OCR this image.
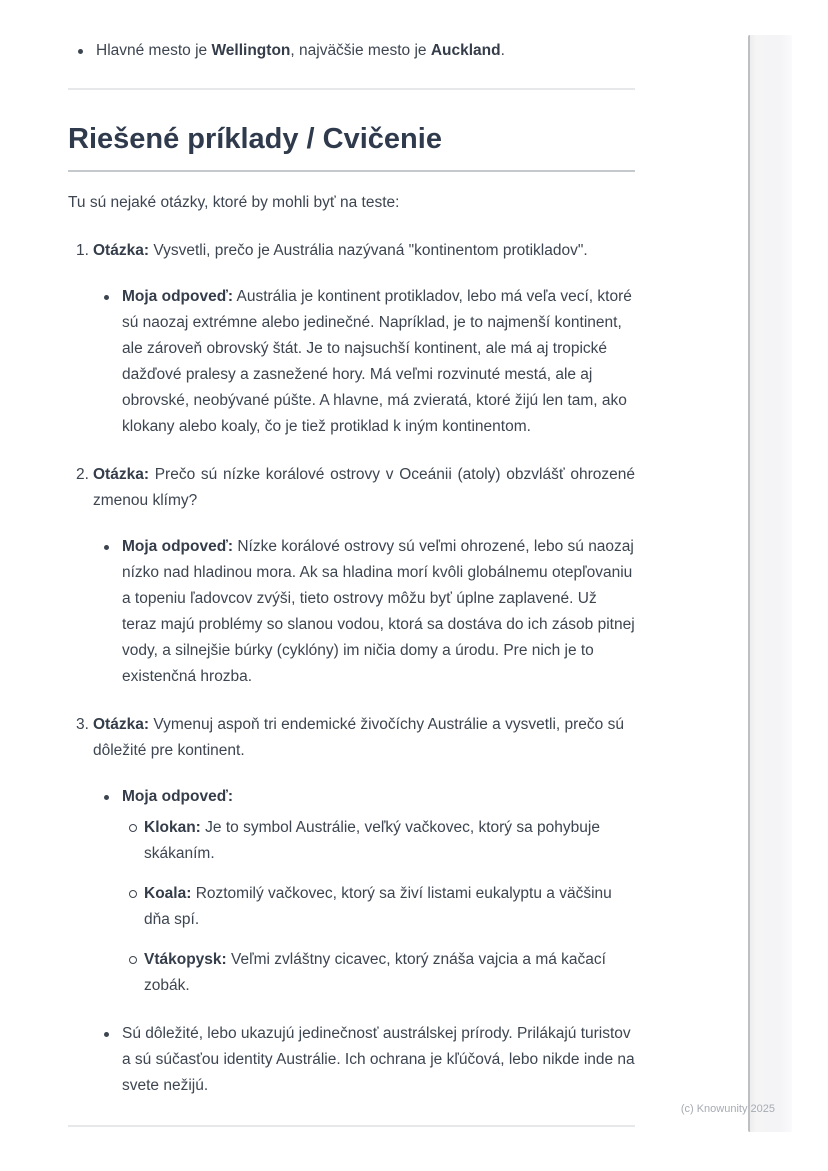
Hlavné mesto je Wellington, najväčšie mesto je Auckland.
Riešené príklady / Cvičenie

Tu sú nejaké otázky, ktoré by mohli byť na teste:

1. Otázka: Vysvetli, prečo je Austrália nazývaná "kontinentom protikladov".
Moja odpoveď: Austrália je kontinent protikladov, lebo má veľa vecí, ktoré sú naozaj extrémne alebo jedinečné. Napríklad, je to najmenší kontinent, ale zároveň obrovský štát. Je to najsuchší kontinent, ale má aj tropické dažďové pralesy a zasnežené hory. Má veľmi rozvinuté mestá, ale aj obrovské, neobývané púšte. A hlavne, má zvieratá, ktoré žijú len tam, ako klokany alebo koaly, čo je tiež protiklad k iným kontinentom.
2. Otázka: Prečo sú nízke korálové ostrovy v Oceánii (atoly) obzvlášť ohrozené zmenou klímy?
Moja odpoveď: Nízke korálové ostrovy sú veľmi ohrozené, lebo sú naozaj nízko nad hladinou mora. Ak sa hladina morí kvôli globálnemu otepľovaniu a topeniu ľadovcov zvýši, tieto ostrovy môžu byť úplne zaplavené. Už teraz majú problémy so slanou vodou, ktorá sa dostáva do ich zásob pitnej vody, a silnejšie búrky (cyklóny) im ničia domy a úrodu. Pre nich je to existenčná hrozba.
3. Otázka: Vymenuj aspoň tri endemické živočíchy Austrálie a vysvetli, prečo sú dôležité pre kontinent.
Moja odpoveď:
Klokan: Je to symbol Austrálie, veľký vačkovec, ktorý sa pohybuje skákaním.
Koala: Roztomilý vačkovec, ktorý sa živí listami eukalyptu a väčšinu dňa spí.
Vtákopysk: Veľmi zvláštny cicavec, ktorý znáša vajcia a má kačací zobák.
Sú dôležité, lebo ukazujú jedinečnosť austrálskej prírody. Prilákajú turistov a sú súčasťou identity Austrálie. Ich ochrana je kľúčová, lebo nikde inde na svete nežijú.
(c) Knowunity 2025
